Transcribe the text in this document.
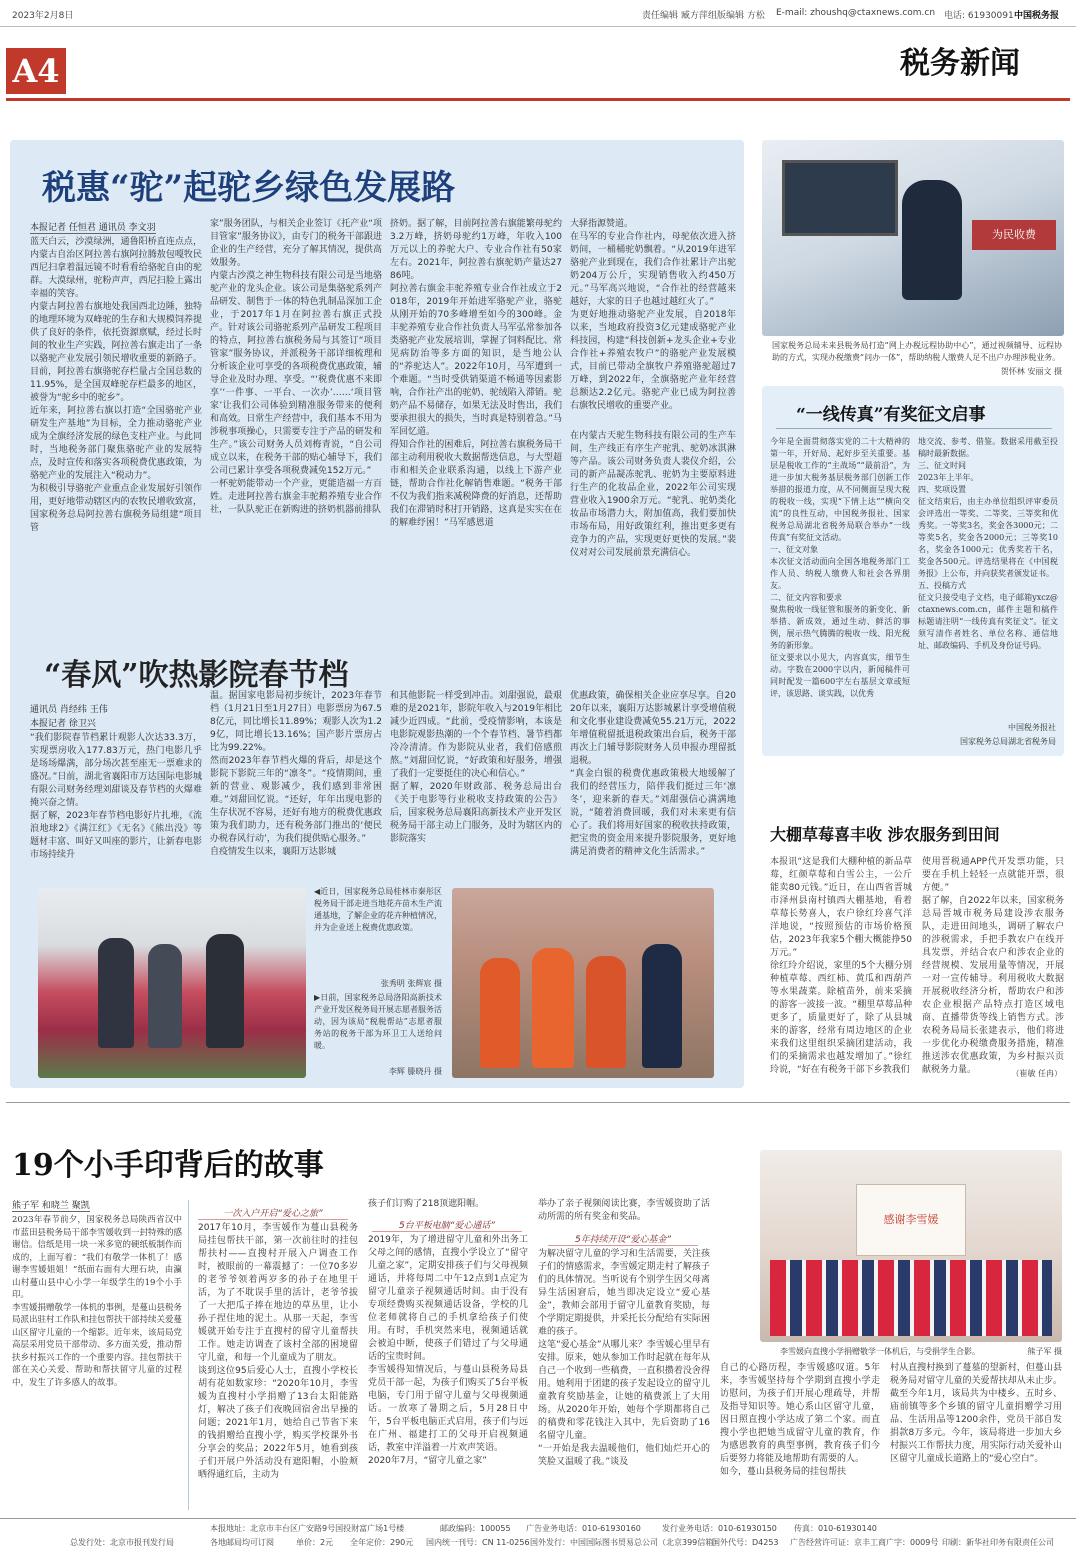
2023年2月8日	责任编辑 臧方萍 组版编辑 方松 E-mail: zhoushq@ctaxnews.com.cn 电话: 61930091 中国税务报
A4	税务新闻
税惠“驼”起驼乡绿色发展路
本报记者 任恒君 通讯员 李文羽
蓝天白云，沙漠绿洲，通鲁阳桥直连点点，内蒙古自治区阿拉善右旗阿拉腾敖包嘎牧民西尼扫拿着温远镜不时看看给骆驼自由的驼群。大漠绿州，驼粉声声，西尼扫脸上露出幸福的笑容。
内蒙古阿拉善右旗地处我国西北边陲，独特的地理环境为双峰驼的生存和大规模饲养提供了良好的条件，依托资源禀赋，经过长时间的牧业生产实践，阿拉善右旗走出了一条以骆驼产业发展引领民增收重要的新路子。目前，阿拉善右旗骆驼存栏量占全国总数的11.95%，是全国双峰驼存栏最多的地区，被誉为“驼乡中的驼乡”。
近年来，阿拉善右旗以打造“全国骆驼产业研发生产基地”为目标，全力推动骆驼产业成为全旗经济发展的绿色支柱产业。与此同时，当地税务部门聚焦骆驼产业的发展特点，及时宣传和落实各项税费优惠政策，为骆驼产业的发展注入“税动力”。
为积极引导骆驼产业重点企业发展好引领作用，更好地带动辖区内的农牧民增收致富，国家税务总局阿拉善右旗税务局组建“项目管
家”服务团队，与相关企业签订《托产业“项目管家”服务协议》，由专门的税务干部跟进企业的生产经营，充分了解其情况，提供高效服务。
内蒙古沙漠之神生物科技有限公司是当地骆驼产业的龙头企业。该公司是集骆驼系列产品研发、制售于一体的特色乳制品深加工企业，于2017年1月在阿拉善右旗正式投产。针对该公司骆驼系列产品研发工程项目的特点，阿拉善右旗税务局与其签订“项目管家”服务协议，并派税务干部详细梳理和分析该企业可享受的各项税费优惠政策，辅导企业及时办理、享受。“‘税费优惠不来即享’‘一件事、一平台、一次办’……‘项目管家’让我们公司体验到精准服务带来的便利和高效。日常生产经营中，我们基本不用为涉税事项操心，只需要专注于产品的研发和生产。”该公司财务人员刘梅青说，“自公司成立以来，在税务干部的贴心辅导下，我们公司已累计享受各项税费减免152万元。”
一杯驼奶能带动一个产业，更能造福一方百姓。走进阿拉善右旗金丰驼鹅养殖专业合作社，一队队驼正在新购进的挤奶机器前排队
挤奶。据了解，目前阿拉善右旗能繁母驼约3.2万峰，挤奶母驼约1万峰，年收入100万元以上的养驼大户、专业合作社有50家左右。2021年，阿拉善右旗驼奶产量达2786吨。
阿拉善右旗金丰驼养殖专业合作社成立于2018年，2019年开始进军骆驼产业，骆驼从刚开始的70多峰增至如今的300峰。金丰驼养殖专业合作社负责人马军弘常参加各类骆驼产业发展培训，掌握了饲料配比、常见病防治等多方面的知识，是当地公认的“养驼达人”。2022年10月，马军遭到一个难题。“当时受供销渠道不畅通等因素影响，合作社产出的驼奶、驼绒陷入滞销。驼奶产品不易储存，如果无法及时售出，我们要承担很大的损失，当时真是特别着急。”马军回忆道。
得知合作社的困难后，阿拉善右旗税务局干部主动利用税收大数据帮选信息，与大型超市和相关企业联系沟通，以线上下游产业链，帮助合作社化解销售难题。“税务干部不仅为我们指来减税降费的好消息，还帮助我们在滞销时积打开销路，这真是实实在在的解难纾困！”马军感恩道
大驿指源赞道。
在马军的专业合作社内，母驼依次进入挤奶间，一桶桶驼奶飘着。“从2019年进军骆驼产业到现在，我们合作社累计产出驼奶204万公斤，实现销售收入约450万元。”马军高兴地说，“合作社的经营越来越好，大家的日子也越过越红火了。”
为更好地推动骆驼产业发展，自2018年以来，当地政府投资3亿元建成骆驼产业科技园，构建“科技创新+龙头企业+专业合作社+养殖农牧户”的骆驼产业发展模式，目前已带动全旗牧户养殖骆驼超过7万峰，到2022年，全旗骆驼产业年经营总额达2.2亿元。骆驼产业已成为阿拉善右旗牧民增收的重要产业。
在内蒙古天驼生物科技有限公司的生产车间，生产线正有序生产驼乳、驼奶冰淇淋等产品。该公司财务负责人裴仪介绍，公司的新产品凝冻驼乳、驼奶为主要原料进行生产的化妆品企业，2022年公司实现营业收入1900余万元。“驼乳、驼奶类化妆品市场潜力大，附加值高，我们要加快市场布局，用好政策红利，推出更多更有竞争力的产品，实现更好更快的发展。”裴仪对对公司发展前景充满信心。
“春风”吹热影院春节档
通讯员 肖经纬 王伟
本报记者 徐卫兴
“我们影院春节档累计观影人次达33.3万，实现票房收入177.83万元，热门电影几乎是场场爆满，部分场次甚至座无一票难求的盛况。”日前，湖北省襄阳市万达国际电影城有限公司财务经理刘甜谈及春节档的火爆难掩兴奋之情。
据了解，2023年春节档电影好片扎堆，《流浪地球2》《满江红》《无名》《熊出没》等题材丰富、叫好又叫座的影片，让新春电影市场持续升
温。据国家电影局初步统计，2023年春节档（1月21日至1月27日）电影票房为67.58亿元，同比增长11.89%；观影人次为1.29亿，同比增长13.16%；国产影片票房占比为99.22%。
然而2023年春节档火爆的背后，却是这个影院下影院三年的“凛冬”。“疫情期间，重新的营业、观影减少，我们感到非常困难。”刘甜回忆说。“还好，年年出现电影的生存状况不容易，还好有地方的税费优惠政策为我们助力，还有税务部门推出的‘便民办税春风行动’，为我们提供贴心服务。”
自疫情发生以来，襄阳万达影城
和其他影院一样受到冲击。刘甜强说，最艰难的是2021年，影院年收入与2019年相比减少近四成。“此前，受疫情影响，本该是电影院观影热潮的一个个春节档、暑节档都冷冷清清。作为影院从业者，我们倍感煎熬。”刘甜回忆说，“好政策和好服务，增强了我们一定要挺住的决心和信心。”
据了解，2020年财政部、税务总局出台《关于电影等行业税收支持政策的公告》后，国家税务总局襄阳高新技术产业开发区税务局干部主动上门服务，及时为辖区内的影院落实
优惠政策，确保相关企业应享尽享。自2020年以来，襄阳万达影城累计享受增值税和文化事业建设费减免55.21万元，2022年增值税留抵退税政策出台后，税务干部再次上门辅导影院财务人员申报办理留抵退税。
“真金白银的税费优惠政策极大地缓解了我们的经营压力，陪伴我们挺过三年‘凛冬’，迎来新的春天。”刘甜强信心满满地说，“随着消费回暖，我们对未来更有信心了。我们将用好国家的税收扶持政策，把宝贵的资金用来提升影院服务，更好地满足消费者的精神文化生活需求。”
◀近日，国家税务总局桂林市秦彤区税务局干部走进当地花卉苗木生产流通基地，了解企业的花卉种植情况，并为企业送上税费优惠政策。
张秀明 张辉宸 摄
▶日前，国家税务总局洛阳高新技术产业开发区税务局开展志愿者服务活动，因为该局“税税帮站”志愿者服务站的税务干部为环卫工人送给问暖。
李辉 滕晓丹 摄
为民收费
国家税务总局未来县税务局打造“网上办税远程协助中心”，通过视频辅导、远程协助的方式，实现办税缴费“问办一体”，帮助纳税人缴费人足不出户办理涉税业务。
贺怀林 安丽文 摄
“一线传真”有奖征文启事
今年是全面贯彻落实党的二十大精神的第一年，开好局、起好步至关重要。基层是税收工作的“主战场”“最前沿”，为进一步加大税务基层税务部门创新工作举措的报道力度，从不同侧面呈现大税的税收一线，实现“下情上达”“横向交流”的良性互动，中国税务报社、国家税务总局湖北省税务局联合举办“一线传真”有奖征文活动。
一、征文对象
本次征文活动面向全国各地税务部门工作人员、纳税人缴费人和社会各界朋友。
二、征文内容和要求
聚焦税收一线征管和服务的新变化、新举措、新成效，通过生动、鲜活的事例，展示热气腾腾的税收一线、阳光税务的新形象。
征文要求以小见大，内容真实，细节生动。字数在2000字以内，新闻稿件可同时配发一篇600字左右基层文章或短评，该思路、谈实践，以优秀
地交流、参考、借鉴。数据采用截至投稿时最新数据。
三、征文时间
2023年上半年。
四、奖项设置
征文结束后，由主办单位组织评审委员会评选出一等奖、二等奖、三等奖和优秀奖。一等奖3名，奖金各3000元；二等奖5名，奖金各2000元；三等奖10名，奖金各1000元；优秀奖若干名，奖金各500元。评选结果将在《中国税务报》上公布，并向获奖者颁发证书。
五、投稿方式
征文只接受电子文档，电子邮箱yxcz@ctaxnews.com.cn，邮件主题和稿件标题请注明“一线传真有奖征文”。征文须写清作者姓名、单位名称、通信地址、邮政编码、手机及身份证号码。
中国税务报社
国家税务总局湖北省税务局
大棚草莓喜丰收 涉农服务到田间
本报讯“这是我们大棚种植的新品草莓，红颜草莓和白雪公主，一公斤能卖80元钱。”近日，在山西省晋城市泽州县南村镇西大棚基地，看着草莓长势喜人，农户徐红玲喜气洋洋地说，“按照预估的市场价格预估，2023年我家5个棚大概能挣50万元。”
徐红玲介绍说，家里的5个大棚分别种植草莓、西红柿、黄瓜和西葫芦等水果蔬菜。除植苗外，前来采摘的游客一波接一波。“棚里草莓品种更多了，质量更好了，除了从县城来的游客，经常有周边地区的企业来我们这里组织采摘团建活动，我们的采摘需求也越发增加了。”徐红玲说，“好在有税务干部下乡教我们
使用晋税通APP代开发票功能，只要在手机上轻轻一点就能开票，很方便。”
据了解，自2022年以来，国家税务总局晋城市税务局建设涉农服务队，走进田间地头，调研了解农户的涉税需求，手把手教农户在线开具发票，并结合农户和涉农企业的经营规模、发展用量等情况，开展一对一宣传辅导。利用税收大数据开展税收经济分析，帮助农户和涉农企业根据产品特点打造区域电商、直播带货等线上销售方式。涉农税务局局长张建表示，他们将进一步优化办税缴费服务措施，精准推送涉农优惠政策，为乡村振兴贡献税务力量。	（崔敏 任冉）
19个小手印背后的故事
熊子军 和晓兰 聚凯
2023年春节前夕，国家税务总局陕西省汉中市蓝田县税务局干部李雪媛收到一封特殊的感谢信。信纸是用一块一米多宽的硬纸板制作而成的，上面写着：“我们有敬学一体机了！感谢李雪媛姐姐！”纸面右面有大理石块，由瀛山村蔓山县中心小学一年级学生的19个小手印。
李雪媛捐赠敬学一体机的事例，是蔓山县税务局派出驻村工作队和挂包帮扶干部持续关爱蔓山区留守儿童的一个缩影。近年来，该局局党高层采用党员干部带动、多方面关爱，推动帮扶乡村振兴工作的一个重要内容。挂包帮扶干部在关心关爱、帮助和帮扶留守儿童的过程中，发生了许多感人的故事。
一次入户开启“爱心之旅”
2017年10月，李雪媛作为蔓山县税务局挂包帮扶干部，第一次前往时的挂包帮扶村——直搜村开展入户调查工作时，被眼前的一幕震撼了：一位70多岁的老爷爷领着两岁多的孙子在地里干活，为了不耽误手里的活计，老爷爷拔了一大把瓜子捧在地边的草丛里，让小孙子捏住地的泥土。从那一天起，李雪媛就开始专注于直搜村的留守儿童帮扶工作。她走访调查了该村全部的困境留守儿童，和每一个儿童成为了朋友。
谈到这位95后爱心人士，直搜小学校长胡有花如数家珍：“2020年10月，李雪媛为直搜村小学捐赠了13台太阳能路灯，解决了孩子们夜晚回宿舍出早操的问题；2021年1月，她给自己节省下来的钱捐赠给直搜小学，购买学校课外书分享会的奖品；2022年5月，她看到孩子们开展户外活动没有遮阳帽，小脸颊晒得通红后，主动为
孩子们订购了218顶遮阳帽。
5台平板电脑“爱心通话”
2019年，为了增进留守儿童和外出务工父母之间的感情，直搜小学设立了“留守儿童之家”，定期安排孩子们与父母视频通话，并将每周二中午12点到1点定为留守儿童亲子视频通话时间。由于没有专项经费购买视频通话设备，学校的几位老师就将自己的手机拿给孩子们使用。有时，手机突然来电，视频通话就会被迫中断，使孩子们错过了与父母通话的宝贵时间。
李雪媛得知情况后，与蔓山县税务局县党员干部一起，为孩子们购买了5台平板电脑，专门用于留守儿童与父母视频通话。一放寒了暑期之后，5月28日中午，5台平板电脑正式启用，孩子们与远在广州、福建打工的父母开启视频通话，教室中洋溢着一片欢声笑语。
2020年7月，“留守儿童之家”
举办了亲子视频阅读比赛，李雪媛资助了活动所需的所有奖金和奖品。
5年持续开设“爱心基金”
为解决留守儿童的学习和生活需要，关注孩子们的情感需求，李雪媛定期走村了解孩子们的具体情况。当听说有个别学生因父母离异生活困窘后，她当即决定设立“爱心基金”，教师会部用于留守儿童教育奖励，每个学期定期提供，并采托长分配给有实际困难的孩子。
这笔“爱心基金”从哪儿来？李雪媛心里早有安排。原来，她从参加工作时起就在每年从自己一个收到一些稿费，一直积攒着没舍得用。她利用于团建的孩子发起设立的留守儿童教育奖励基金，让她的稿费派上了大用场。从2020年开始，她每个学期都将自己的稿费和零花钱注入其中，先后资助了16名留守儿童。
“一开始是我去温暖他们，他们灿烂开心的笑脸又温暖了我。”谈及
感谢李雪媛
李雪媛向直搜小学捐赠敬学一体机后，与受捐学生合影。	熊子军 摄
自己的心路历程，李雪媛感叹道。5年来，李雪媛坚持每个学期到直搜小学走访慰问，为孩子们开展心理疏导，并帮及指导知识等。她心系山区留守儿童，因日照直搜小学达成了第二个家。而直搜小学也把她当成留守儿童的教育，作为感恩教育的典型事例，教育孩子们今后要努力将能及地帮助有需要的人。
如今，蔓山县税务局的挂包帮扶
村从直搜村换到了蔓墓的望新村，但蔓山县税务局对留守儿童的关爱帮扶却从未止步。截至今年1月，该局共为中楼乡、五时乡、庙前镇等多个乡镇的留守儿童捐赠学习用品、生活用品等1200余件，党员干部自发捐款8万多元。今年，该局将进一步加大乡村振兴工作帮扶力度，用实际行动关爱补山区留守儿童成长道路上的“爱心空白”。
本报地址：北京市丰台区广安路9号国投财富广场1号楼	邮政编码：100055 广告业务电话：010-61930160	发行业务电话：010-61930150 传真：010-61930140
总发行处：北京市报刊发行局	各地邮局均可订阅	单价：2元 全年定价：290元 国内统一刊号：CN 11-0256 国外发行：中国国际图书贸易总公司（北京399信箱）
国外代号：D4253 广告经营许可证：京丰工商广字：0009号 印刷：新华社印务有限责任公司
